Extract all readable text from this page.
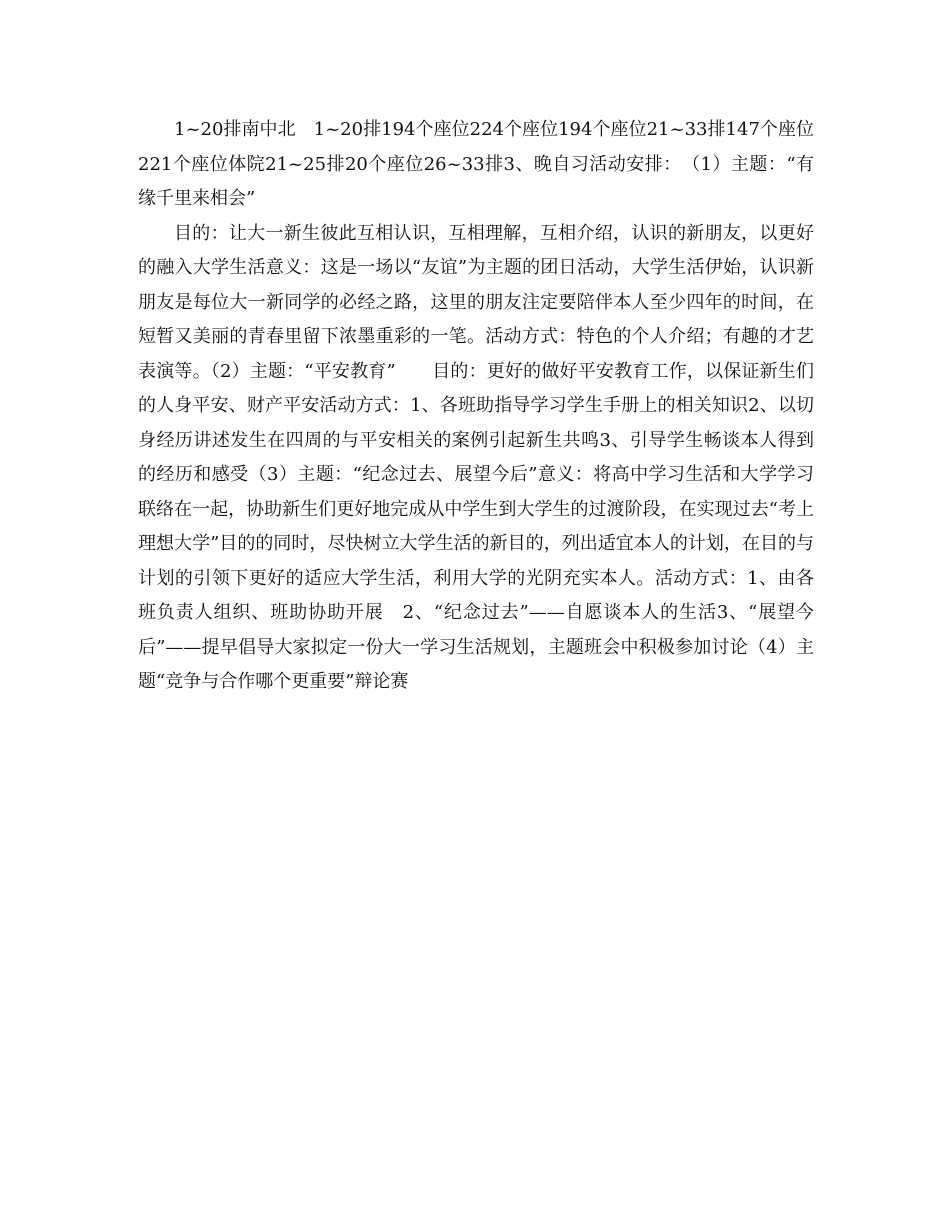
1~20排南中北　1~20排194个座位224个座位194个座位21~33排147个座位221个座位体院21~25排20个座位26~33排3、晚自习活动安排：　（1）主题：“有缘千里来相会”

目的：让大一新生彼此互相认识，互相理解，互相介绍，认识的新朋友，以更好的融入大学生活意义：这是一场以“友谊”为主题的团日活动，大学生活伊始，认识新朋友是每位大一新同学的必经之路，这里的朋友注定要陪伴本人至少四年的时间，在短暂又美丽的青春里留下浓墨重彩的一笔。活动方式：特色的个人介绍；有趣的才艺表演等。（2）主题：“平安教育”　　目的：更好的做好平安教育工作，以保证新生们的人身平安、财产平安活动方式：1、各班助指导学习学生手册上的相关知识2、以切身经历讲述发生在四周的与平安相关的案例引起新生共鸣3、引导学生畅谈本人得到的经历和感受（3）主题：“纪念过去、展望今后”意义：将高中学习生活和大学学习联络在一起，协助新生们更好地完成从中学生到大学生的过渡阶段，在实现过去“考上理想大学”目的的同时，尽快树立大学生活的新目的，列出适宜本人的计划，在目的与计划的引领下更好的适应大学生活，利用大学的光阴充实本人。活动方式：1、由各班负责人组织、班助协助开展　2、“纪念过去”——自愿谈本人的生活3、“展望今后”——提早倡导大家拟定一份大一学习生活规划，主题班会中积极参加讨论（4）主题“竞争与合作哪个更重要”辩论赛
